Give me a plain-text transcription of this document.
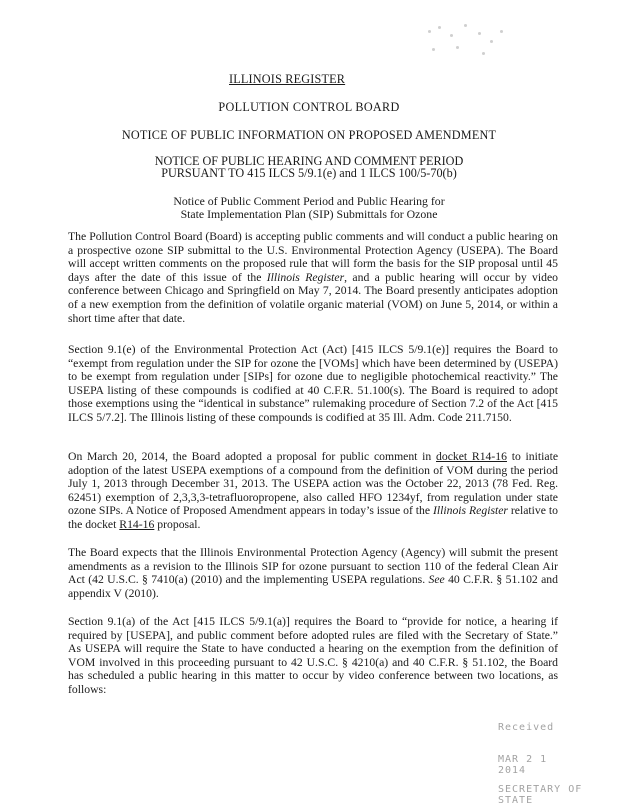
ILLINOIS REGISTER
POLLUTION CONTROL BOARD
NOTICE OF PUBLIC INFORMATION ON PROPOSED AMENDMENT
NOTICE OF PUBLIC HEARING AND COMMENT PERIOD
PURSUANT TO 415 ILCS 5/9.1(e) and 1 ILCS 100/5-70(b)
Notice of Public Comment Period and Public Hearing for
State Implementation Plan (SIP) Submittals for Ozone

The Pollution Control Board (Board) is accepting public comments and will conduct a public hearing on a prospective ozone SIP submittal to the U.S. Environmental Protection Agency (USEPA). The Board will accept written comments on the proposed rule that will form the basis for the SIP proposal until 45 days after the date of this issue of the Illinois Register, and a public hearing will occur by video conference between Chicago and Springfield on May 7, 2014. The Board presently anticipates adoption of a new exemption from the definition of volatile organic material (VOM) on June 5, 2014, or within a short time after that date.

Section 9.1(e) of the Environmental Protection Act (Act) [415 ILCS 5/9.1(e)] requires the Board to “exempt from regulation under the SIP for ozone the [VOMs] which have been determined by (USEPA) to be exempt from regulation under [SIPs] for ozone due to negligible photochemical reactivity.” The USEPA listing of these compounds is codified at 40 C.F.R. 51.100(s). The Board is required to adopt those exemptions using the “identical in substance” rulemaking procedure of Section 7.2 of the Act [415 ILCS 5/7.2]. The Illinois listing of these compounds is codified at 35 Ill. Adm. Code 211.7150.

On March 20, 2014, the Board adopted a proposal for public comment in docket R14-16 to initiate adoption of the latest USEPA exemptions of a compound from the definition of VOM during the period July 1, 2013 through December 31, 2013. The USEPA action was the October 22, 2013 (78 Fed. Reg. 62451) exemption of 2,3,3,3-tetrafluoropropene, also called HFO 1234yf, from regulation under state ozone SIPs. A Notice of Proposed Amendment appears in today’s issue of the Illinois Register relative to the docket R14-16 proposal.

The Board expects that the Illinois Environmental Protection Agency (Agency) will submit the present amendments as a revision to the Illinois SIP for ozone pursuant to section 110 of the federal Clean Air Act (42 U.S.C. § 7410(a) (2010) and the implementing USEPA regulations. See 40 C.F.R. § 51.102 and appendix V (2010).

Section 9.1(a) of the Act [415 ILCS 5/9.1(a)] requires the Board to “provide for notice, a hearing if required by [USEPA], and public comment before adopted rules are filed with the Secretary of State.” As USEPA will require the State to have conducted a hearing on the exemption from the definition of VOM involved in this proceeding pursuant to 42 U.S.C. § 4210(a) and 40 C.F.R. § 51.102, the Board has scheduled a public hearing in this matter to occur by video conference between two locations, as follows:

Received
MAR 2 1 2014
SECRETARY OF STATE
